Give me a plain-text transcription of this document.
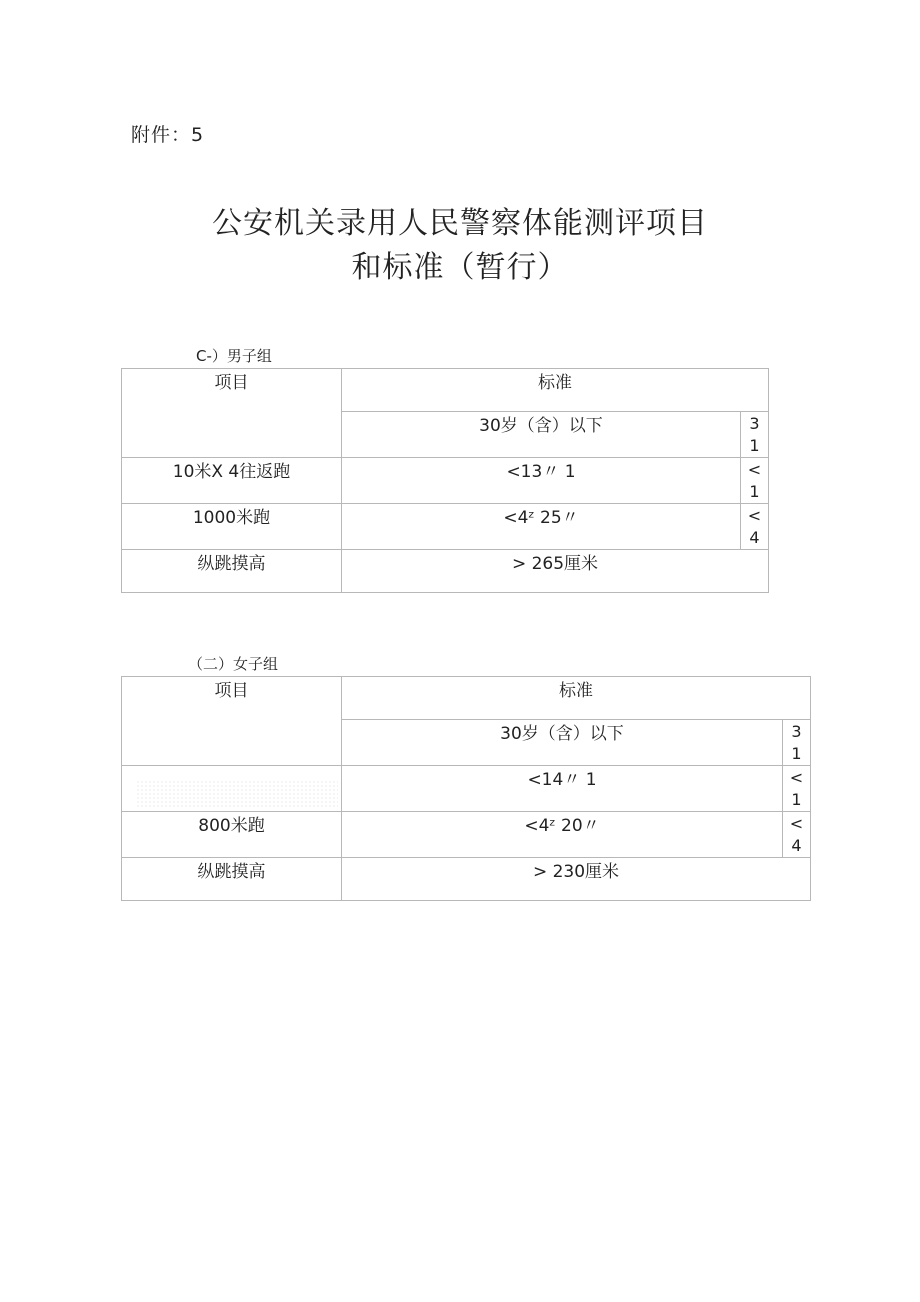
附件：5
公安机关录用人民警察体能测评项目
和标准（暂行）
C-）男子组
项目	标准	
	30岁（含）以下	3
1

10米X 4往返跑	<13〃 1	<
1

1000米跑	<4ᶻ 25〃	<
4

纵跳摸高	> 265厘米	
（二）女子组
项目	标准	
	30岁（含）以下	3
1

	<14〃 1	<
1

800米跑	<4ᶻ 20〃	<
4

纵跳摸高	> 230厘米	
